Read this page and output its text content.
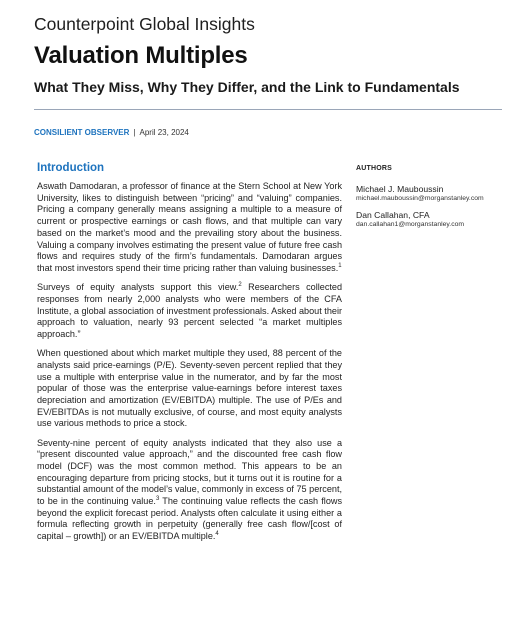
Counterpoint Global Insights
Valuation Multiples
What They Miss, Why They Differ, and the Link to Fundamentals
CONSILIENT OBSERVER | April 23, 2024
Introduction

Aswath Damodaran, a professor of finance at the Stern School at New York University, likes to distinguish between “pricing” and “valuing” companies. Pricing a company generally means assigning a multiple to a measure of current or prospective earnings or cash flows, and that multiple can vary based on the market’s mood and the prevailing story about the business. Valuing a company involves estimating the present value of future free cash flows and requires study of the firm’s fundamentals. Damodaran argues that most investors spend their time pricing rather than valuing businesses.$^1$

Surveys of equity analysts support this view.$^2$ Researchers collected responses from nearly 2,000 analysts who were members of the CFA Institute, a global association of investment professionals. Asked about their approach to valuation, nearly 93 percent selected “a market multiples approach.”

When questioned about which market multiple they used, 88 percent of the analysts said price-earnings (P/E). Seventy-seven percent replied that they use a multiple with enterprise value in the numerator, and by far the most popular of those was the enterprise value-earnings before interest taxes depreciation and amortization (EV/EBITDA) multiple. The use of P/Es and EV/EBITDAs is not mutually exclusive, of course, and most equity analysts use various methods to price a stock.

Seventy-nine percent of equity analysts indicated that they also use a “present discounted value approach,” and the discounted free cash flow model (DCF) was the most common method. This appears to be an encouraging departure from pricing stocks, but it turns out it is routine for a substantial amount of the model’s value, commonly in excess of 75 percent, to be in the continuing value.$^3$ The continuing value reflects the cash flows beyond the explicit forecast period. Analysts often calculate it using either a formula reflecting growth in perpetuity (generally free cash flow/[cost of capital – growth]) or an EV/EBITDA multiple.$^4$

AUTHORS
Michael J. Mauboussin
michael.mauboussin@morganstanley.com
Dan Callahan, CFA
dan.callahan1@morganstanley.com
